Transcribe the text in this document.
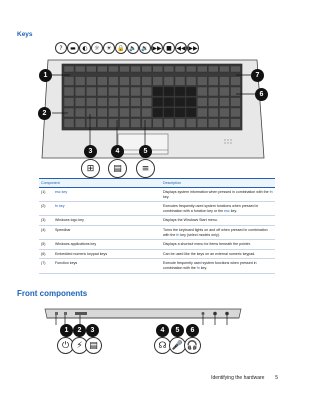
Keys
?	▬	◐	☼	☀ 🔒 🔈 🔉 ▶▶ ■ ◀◀ ▶▶
1
2
7
6
3	4	5
⊞	▤	≡
Component	Description
(1) esc key	Displays system information when pressed in combination with the fn key.
(2) fn key	Executes frequently used system functions when pressed in combination with a function key or the esc key.
(3) Windows logo key	Displays the Windows Start menu.
(4) Speedbar	Turns the keyboard lights on and off when pressed in combination with the fn key (select models only).
(5) Windows applications key	Displays a shortcut menu for items beneath the pointer.
(6) Embedded numeric keypad keys	Can be used like the keys on an external numeric keypad.
(7) Function keys	Execute frequently used system functions when pressed in combination with the fn key.
Front components
1	2	3	4	5	6
⏻ ⚡ ▤	☊ 🎤 🎧
Identifying the hardware 5
